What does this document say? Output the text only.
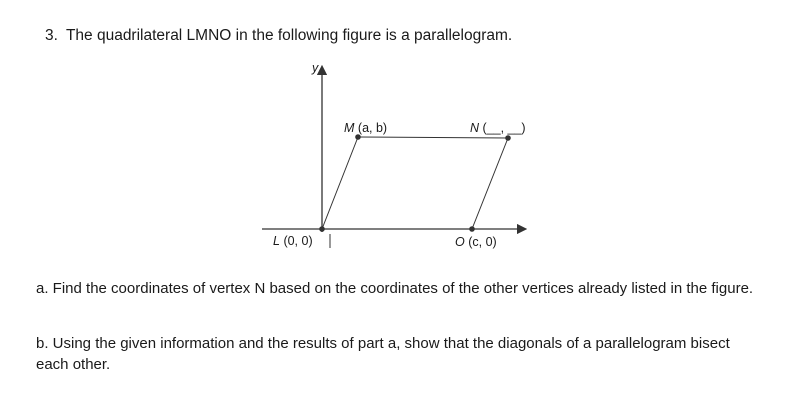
3. The quadrilateral LMNO in the following figure is a parallelogram.
y
M (a, b)	N (__, __)
L (0, 0)	O (c, 0)

a. Find the coordinates of vertex N based on the coordinates of the other vertices already listed in the figure.

b. Using the given information and the results of part a, show that the diagonals of a parallelogram bisect each other.
